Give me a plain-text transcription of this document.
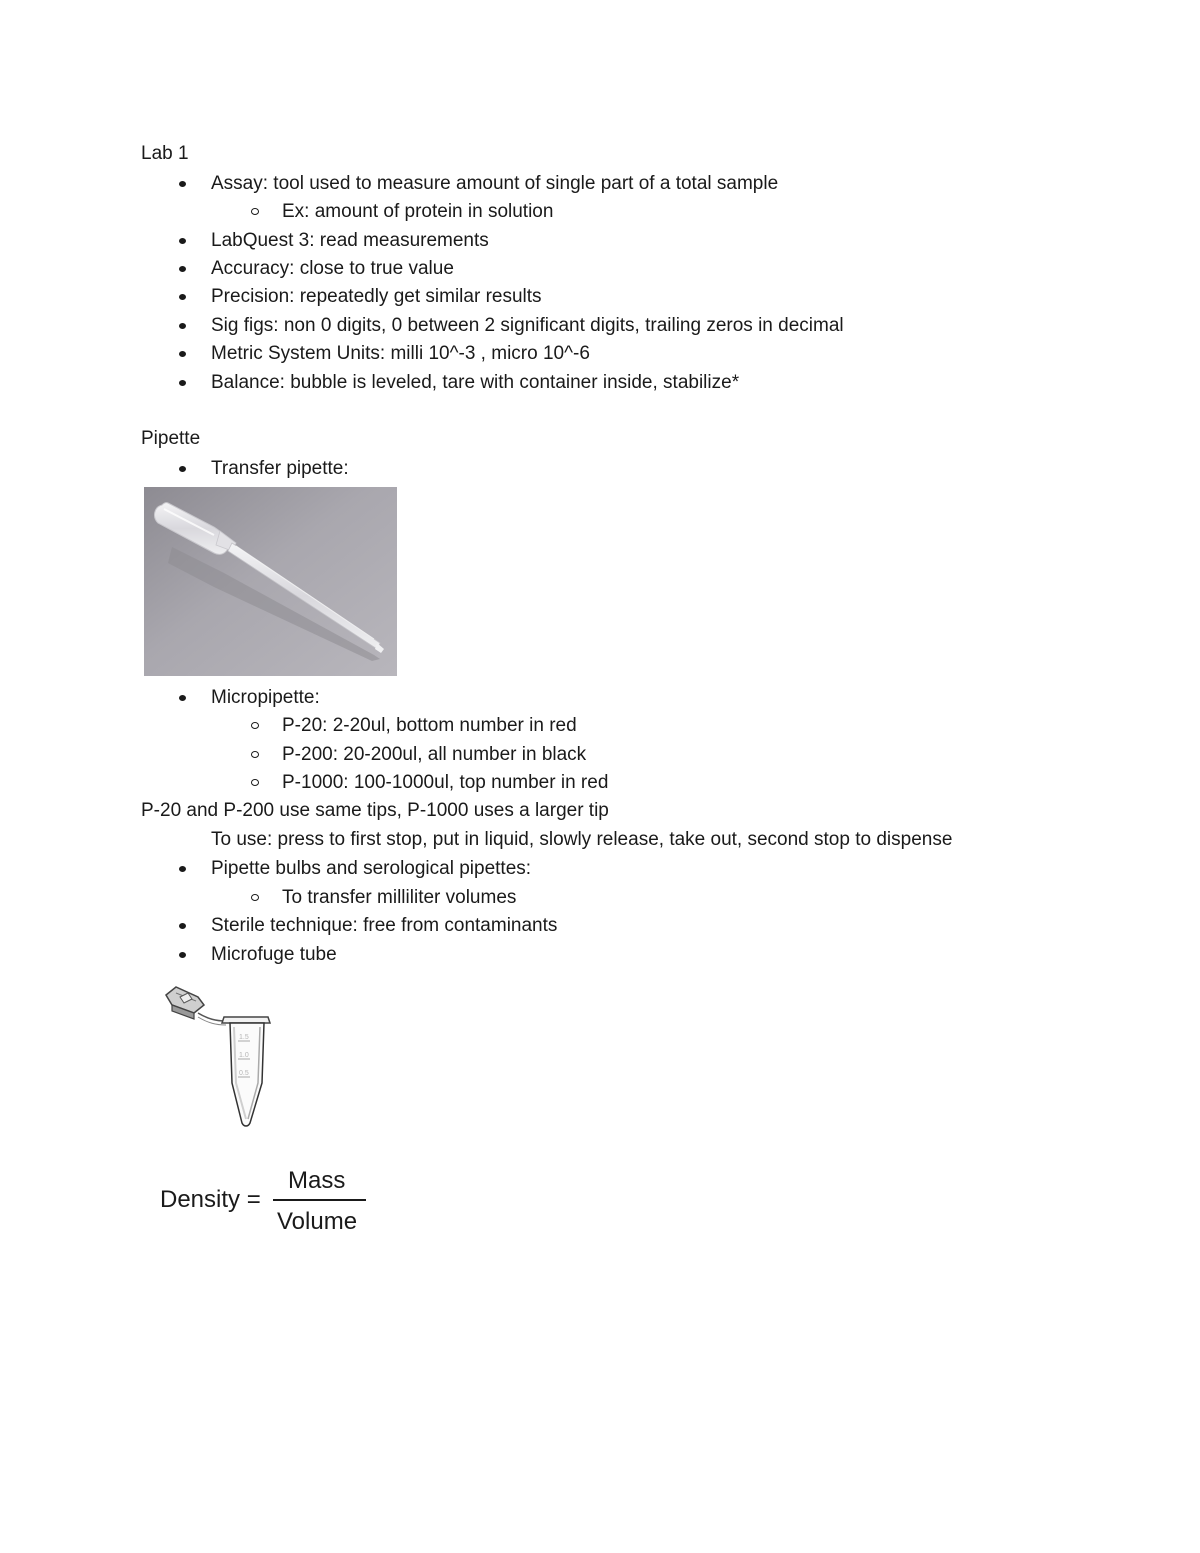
Lab 1
Assay: tool used to measure amount of single part of a total sample
Ex: amount of protein in solution
LabQuest 3: read measurements
Accuracy: close to true value
Precision: repeatedly get similar results
Sig figs: non 0 digits, 0 between 2 significant digits, trailing zeros in decimal
Metric System Units: milli 10^-3 , micro 10^-6
Balance: bubble is leveled, tare with container inside, stabilize*
Pipette
Transfer pipette:
Micropipette:
P-20: 2-20ul, bottom number in red
P-200: 20-200ul, all number in black
P-1000: 100-1000ul, top number in red
P-20 and P-200 use same tips, P-1000 uses a larger tip
To use: press to first stop, put in liquid, slowly release, take out, second stop to dispense
Pipette bulbs and serological pipettes:
To transfer milliliter volumes
Sterile technique: free from contaminants
Microfuge tube
1.5
1.0
0.5
Density =
Mass
Volume
